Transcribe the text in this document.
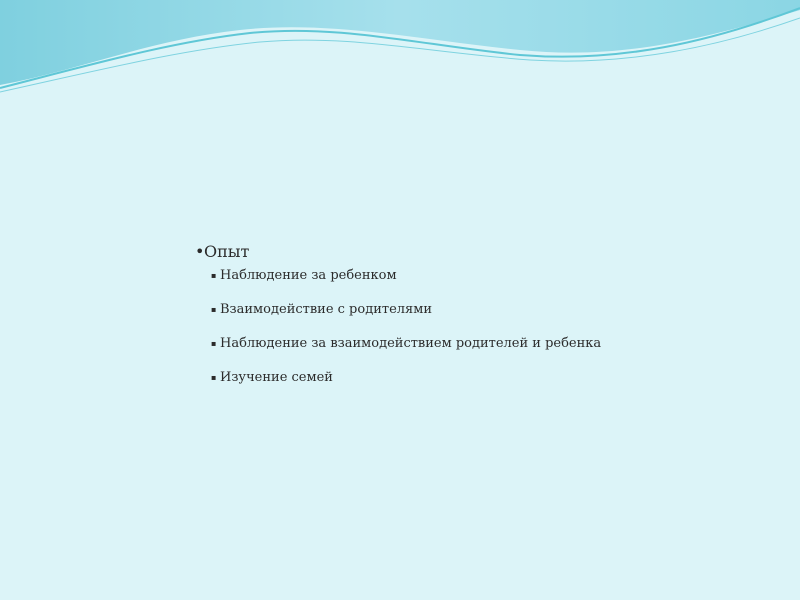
• Опыт
▪ Наблюдение за ребенком
▪ Взаимодействие с родителями
▪ Наблюдение за взаимодействием родителей и ребенка
▪ Изучение семей
